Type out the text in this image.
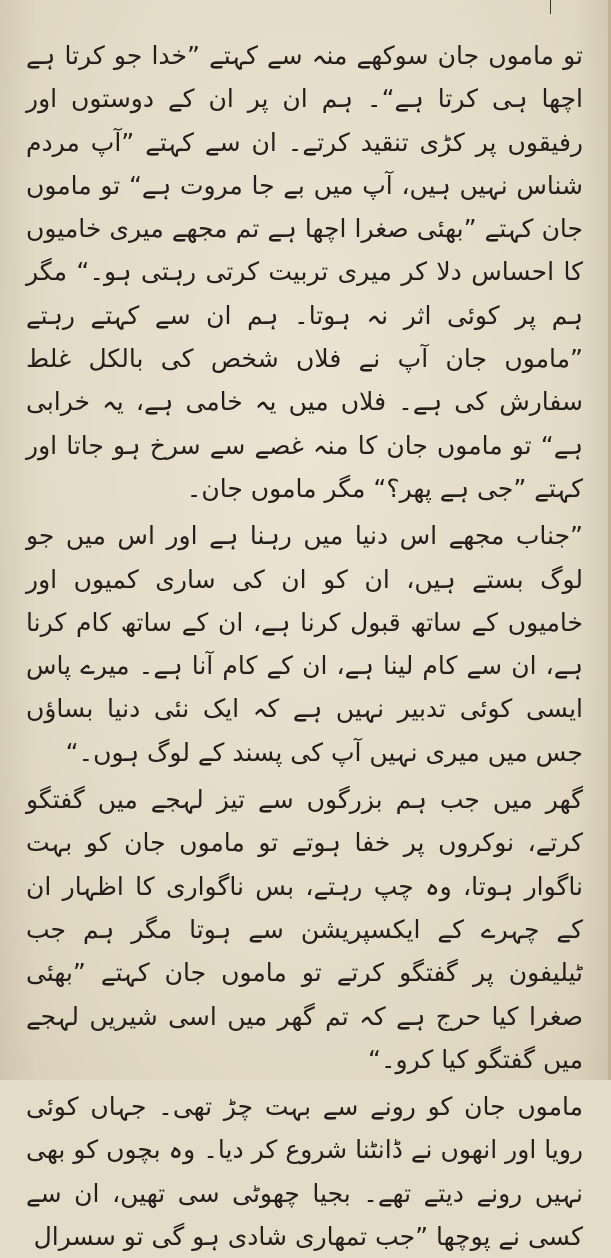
تو ماموں جان سوکھے منہ سے کہتے ”خدا جو کرتا ہے اچھا ہی کرتا ہے“۔ ہم ان پر ان کے دوستوں اور رفیقوں پر کڑی تنقید کرتے۔ ان سے کہتے ”آپ مردم شناس نہیں ہیں، آپ میں بے جا مروت ہے“ تو ماموں جان کہتے ”بھئی صغرا اچھا ہے تم مجھے میری خامیوں کا احساس دلا کر میری تربیت کرتی رہتی ہو۔“ مگر ہم پر کوئی اثر نہ ہوتا۔ ہم ان سے کہتے رہتے ”ماموں جان آپ نے فلاں شخص کی بالکل غلط سفارش کی ہے۔ فلاں میں یہ خامی ہے، یہ خرابی ہے“ تو ماموں جان کا منہ غصے سے سرخ ہو جاتا اور کہتے ”جی ہے پھر؟“ مگر ماموں جان۔

”جناب مجھے اس دنیا میں رہنا ہے اور اس میں جو لوگ بستے ہیں، ان کو ان کی ساری کمیوں اور خامیوں کے ساتھ قبول کرنا ہے، ان کے ساتھ کام کرنا ہے، ان سے کام لینا ہے، ان کے کام آنا ہے۔ میرے پاس ایسی کوئی تدبیر نہیں ہے کہ ایک نئی دنیا بساؤں جس میں میری نہیں آپ کی پسند کے لوگ ہوں۔“

گھر میں جب ہم بزرگوں سے تیز لہجے میں گفتگو کرتے، نوکروں پر خفا ہوتے تو ماموں جان کو بہت ناگوار ہوتا، وہ چپ رہتے، بس ناگواری کا اظہار ان کے چہرے کے ایکسپریشن سے ہوتا مگر ہم جب ٹیلیفون پر گفتگو کرتے تو ماموں جان کہتے ”بھئی صغرا کیا حرج ہے کہ تم گھر میں اسی شیریں لہجے میں گفتگو کیا کرو۔“

ماموں جان کو رونے سے بہت چڑ تھی۔ جہاں کوئی رویا اور انھوں نے ڈانٹنا شروع کر دیا۔ وہ بچوں کو بھی نہیں رونے دیتے تھے۔ بجیا چھوٹی سی تھیں، ان سے کسی نے پوچھا ”جب تمھاری شادی ہو گی تو سسرال
